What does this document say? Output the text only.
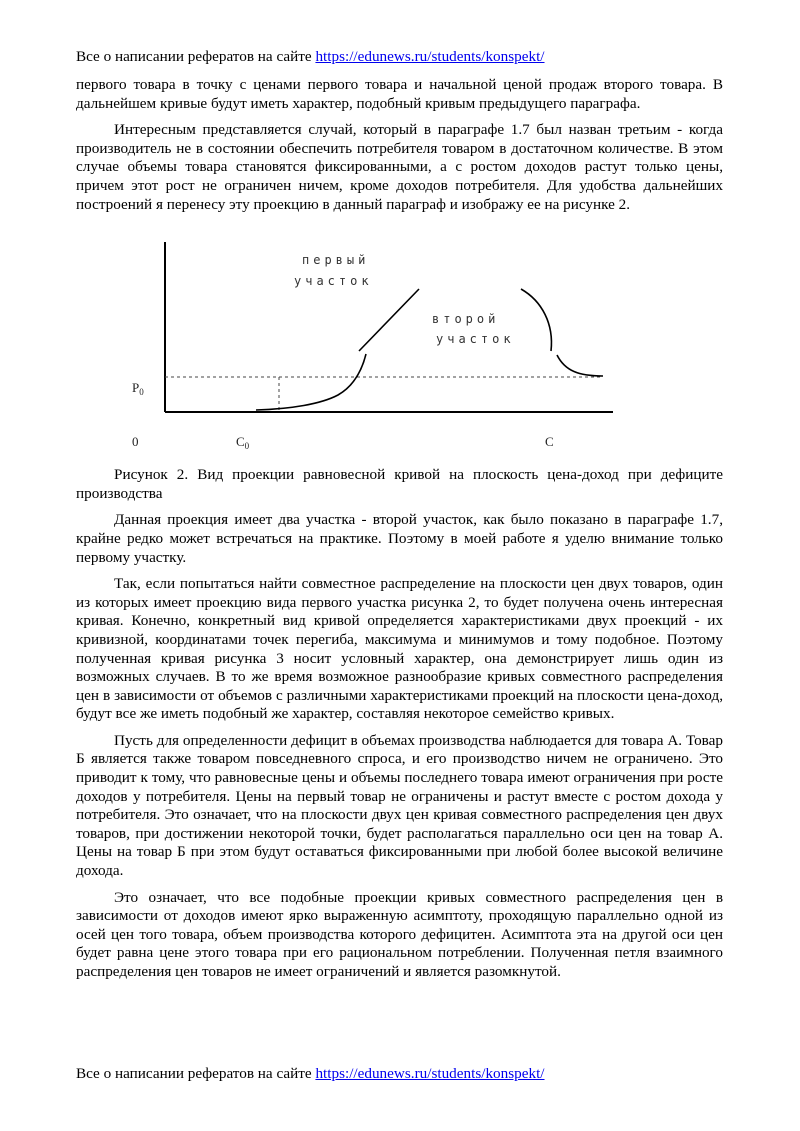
Все о написании рефератов на сайте https://edunews.ru/students/konspekt/

первого товара в точку с ценами первого товара и начальной ценой продаж второго товара. В дальнейшем кривые будут иметь характер, подобный кривым предыдущего параграфа.

Интересным представляется случай, который в параграфе 1.7 был назван третьим - когда производитель не в состоянии обеспечить потребителя товаром в достаточном количестве. В этом случае объемы товара становятся фиксированными, а с ростом доходов растут только цены, причем этот рост не ограничен ничем, кроме доходов потребителя. Для удобства дальнейших построений я перенесу эту проекцию в данный параграф и изображу ее на рисунке 2.

первый
участок
второй
участок
$P_0$
0	$C_0$	C

Рисунок 2. Вид проекции равновесной кривой на плоскость цена-доход при дефиците производства

Данная проекция имеет два участка - второй участок, как было показано в параграфе 1.7, крайне редко может встречаться на практике. Поэтому в моей работе я уделю внимание только первому участку.

Так, если попытаться найти совместное распределение на плоскости цен двух товаров, один из которых имеет проекцию вида первого участка рисунка 2, то будет получена очень интересная кривая. Конечно, конкретный вид кривой определяется характеристиками двух проекций - их кривизной, координатами точек перегиба, максимума и минимумов и тому подобное. Поэтому полученная кривая рисунка 3 носит условный характер, она демонстрирует лишь один из возможных случаев. В то же время возможное разнообразие кривых совместного распределения цен в зависимости от объемов с различными характеристиками проекций на плоскости цена-доход, будут все же иметь подобный же характер, составляя некоторое семейство кривых.

Пусть для определенности дефицит в объемах производства наблюдается для товара А. Товар Б является также товаром повседневного спроса, и его производство ничем не ограничено. Это приводит к тому, что равновесные цены и объемы последнего товара имеют ограничения при росте доходов у потребителя. Цены на первый товар не ограничены и растут вместе с ростом дохода у потребителя. Это означает, что на плоскости двух цен кривая совместного распределения цен двух товаров, при достижении некоторой точки, будет располагаться параллельно оси цен на товар А. Цены на товар Б при этом будут оставаться фиксированными при любой более высокой величине дохода.

Это означает, что все подобные проекции кривых совместного распределения цен в зависимости от доходов имеют ярко выраженную асимптоту, проходящую параллельно одной из осей цен того товара, объем производства которого дефицитен. Асимптота эта на другой оси цен будет равна цене этого товара при его рациональном потреблении. Полученная петля взаимного распределения цен товаров не имеет ограничений и является разомкнутой.

Все о написании рефератов на сайте https://edunews.ru/students/konspekt/
